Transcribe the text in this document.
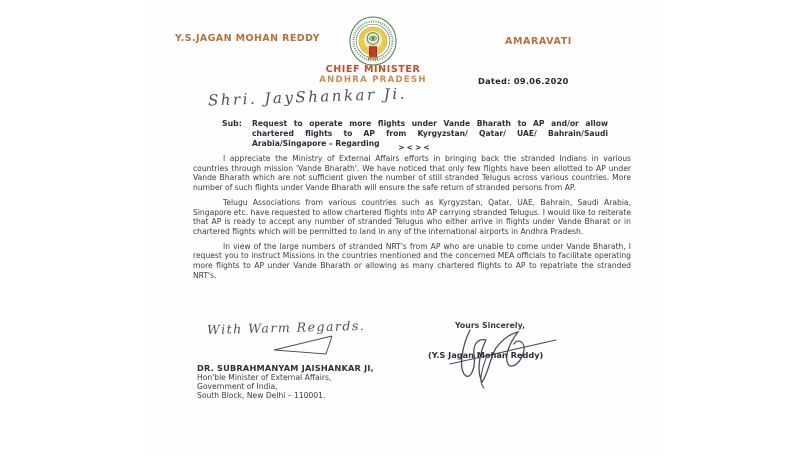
Y.S.JAGAN MOHAN REDDY	AMARAVATI
CHIEF MINISTER
ANDHRA PRADESH	Dated: 09.06.2020
Shri. JayShankar Ji.
Sub:	Request to operate more flights under Vande Bharath to AP and/or allow chartered flights to AP from Kyrgyzstan/ Qatar/ UAE/ Bahrain/Saudi Arabia/Singapore – Regarding	><><

I appreciate the Ministry of External Affairs efforts in bringing back the stranded Indians in various countries through mission 'Vande Bharath'. We have noticed that only few flights have been allotted to AP under Vande Bharath which are not sufficient given the number of still stranded Telugus across various countries. More number of such flights under Vande Bharath will ensure the safe return of stranded persons from AP.

Telugu Associations from various countries such as Kyrgyzstan, Qatar, UAE, Bahrain, Saudi Arabia, Singapore etc. have requested to allow chartered flights into AP carrying stranded Telugus. I would like to reiterate that AP is ready to accept any number of stranded Telugus who either arrive in flights under Vande Bharat or in chartered flights which will be permitted to land in any of the international airports in Andhra Pradesh.

In view of the large numbers of stranded NRT's from AP who are unable to come under Vande Bharath, I request you to instruct Missions in the countries mentioned and the concerned MEA officials to facilitate operating more flights to AP under Vande Bharath or allowing as many chartered flights to AP to repatriate the stranded NRT's.

With Warm Regards.	Yours Sincerely,
(Y.S Jagan Mohan Reddy)
DR. SUBRAHMANYAM JAISHANKAR JI,
Hon'ble Minister of External Affairs,
Government of India,
South Block, New Delhi – 110001.
